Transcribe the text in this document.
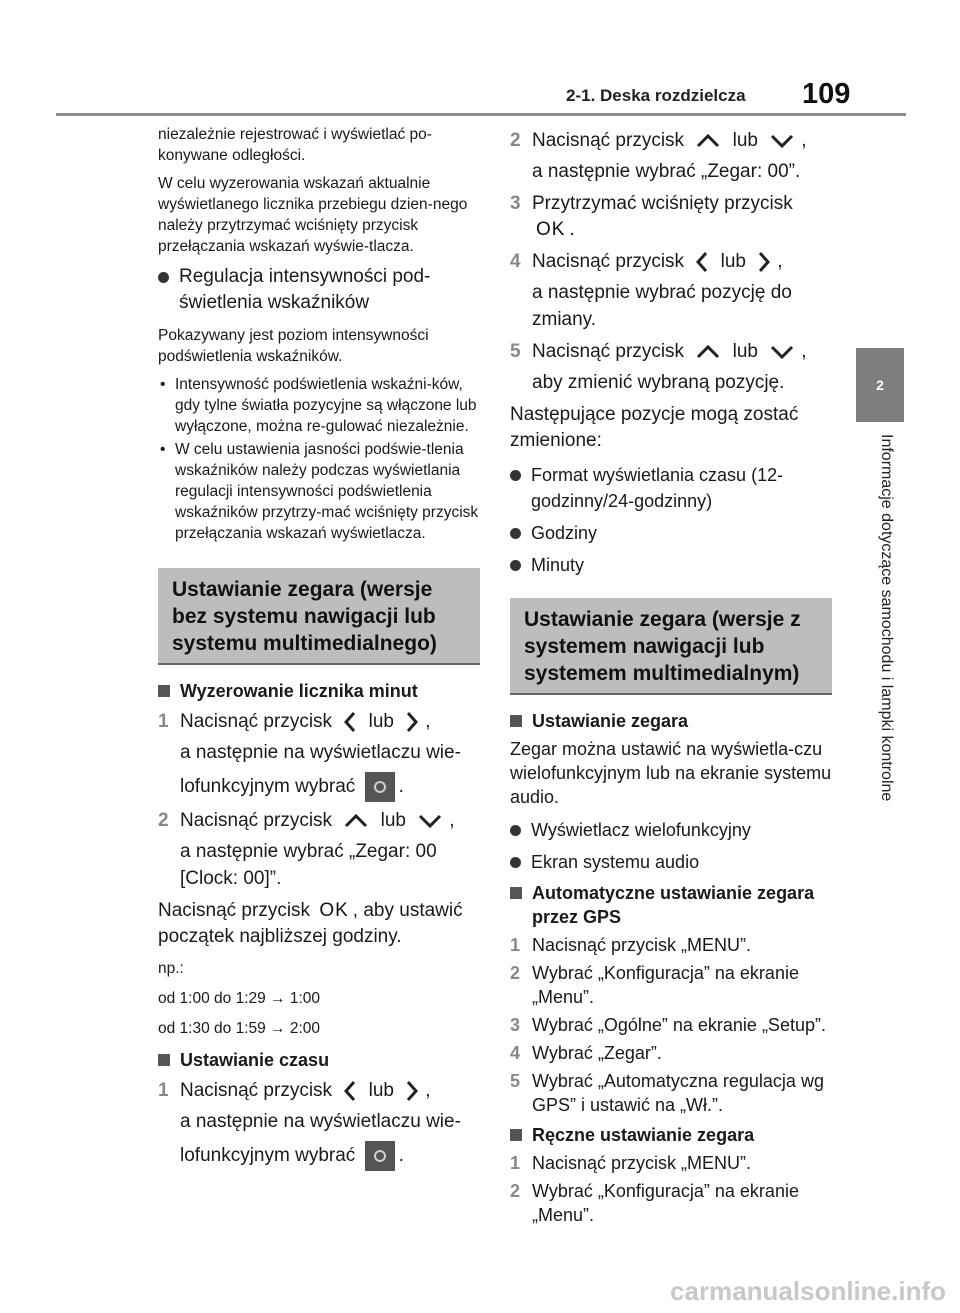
2-1. Deska rozdzielcza 109
2
Informacje dotyczące samochodu i lampki kontrolne

niezależnie rejestrować i wyświetlać po-konywane odległości.

W celu wyzerowania wskazań aktualnie wyświetlanego licznika przebiegu dzien-nego należy przytrzymać wciśnięty przycisk przełączania wskazań wyświe-tlacza.

Regulacja intensywności pod-świetlenia wskaźników

Pokazywany jest poziom intensywności podświetlenia wskaźników.

• Intensywność podświetlenia wskaźni-ków, gdy tylne światła pozycyjne są włączone lub wyłączone, można re-gulować niezależnie.
• W celu ustawienia jasności podświe-tlenia wskaźników należy podczas wyświetlania regulacji intensywności podświetlenia wskaźników przytrzy-mać wciśnięty przycisk przełączania wskazań wyświetlacza.
Ustawianie zegara (wersje bez systemu nawigacji lub systemu multimedialnego)
Wyzerowanie licznika minut
1 Nacisnąć przycisk lub ,
a następnie na wyświetlaczu wie-
lofunkcyjnym wybrać .
2 Nacisnąć przycisk	lub ,
a następnie wybrać „Zegar: 00 [Clock: 00]”.

Nacisnąć przycisk OK , aby ustawić początek najbliższej godziny.

np.:
od 1:00 do 1:29 → 1:00
od 1:30 do 1:59 → 2:00
Ustawianie czasu
1 Nacisnąć przycisk lub ,
a następnie na wyświetlaczu wie-
lofunkcyjnym wybrać .
2 Nacisnąć przycisk	lub ,
a następnie wybrać „Zegar: 00”.
3 Przytrzymać wciśnięty przycisk
OK .
4 Nacisnąć przycisk lub ,
a następnie wybrać pozycję do zmiany.
5 Nacisnąć przycisk	lub ,
aby zmienić wybraną pozycję.

Następujące pozycje mogą zostać zmienione:

Format wyświetlania czasu (12-godzinny/24-godzinny)
Godziny
Minuty
Ustawianie zegara (wersje z systemem nawigacji lub systemem multimedialnym)
Ustawianie zegara

Zegar można ustawić na wyświetla-czu wielofunkcyjnym lub na ekranie systemu audio.

Wyświetlacz wielofunkcyjny
Ekran systemu audio
Automatyczne ustawianie zegara przez GPS
1 Nacisnąć przycisk „MENU”.
2 Wybrać „Konfiguracja” na ekranie „Menu”.
3 Wybrać „Ogólne” na ekranie „Setup”.
4 Wybrać „Zegar”.
5 Wybrać „Automatyczna regulacja wg GPS” i ustawić na „Wł.”.
Ręczne ustawianie zegara
1 Nacisnąć przycisk „MENU”.
2 Wybrać „Konfiguracja” na ekranie „Menu”.
carmanualsonline.info
